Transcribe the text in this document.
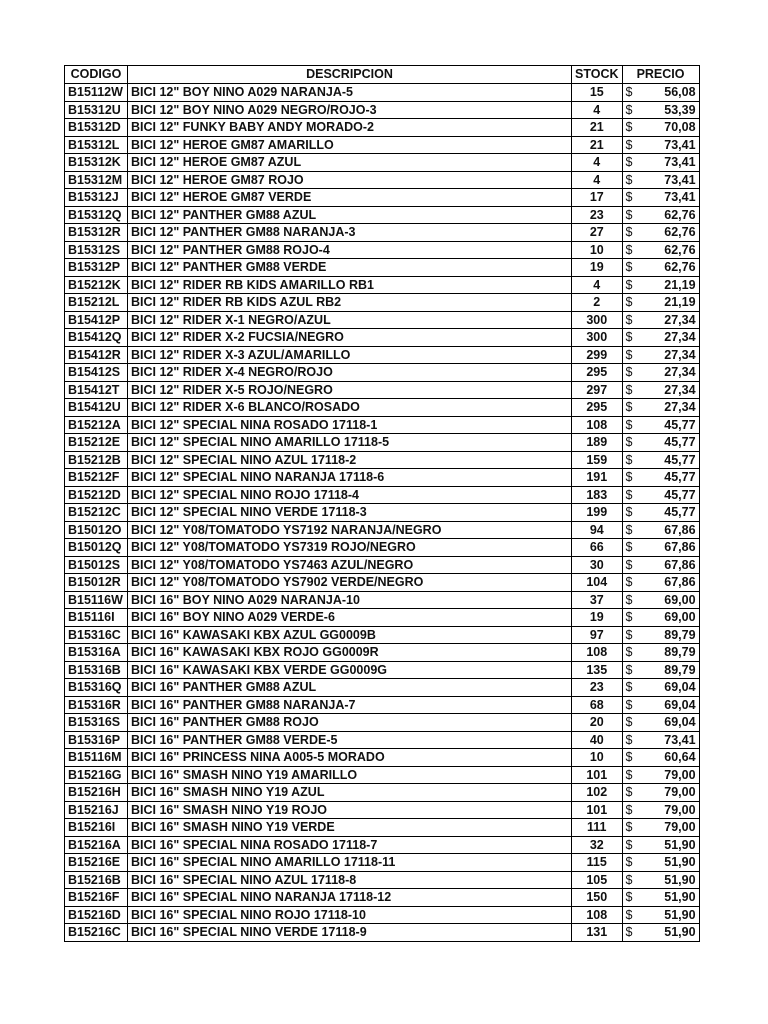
CODIGO	DESCRIPCION	STOCK	PRECIO
B15112W	BICI 12" BOY NINO A029 NARANJA-5	15	$ 56,08

B15312U	BICI 12" BOY NINO A029 NEGRO/ROJO-3	4	$ 53,39

B15312D	BICI 12" FUNKY BABY ANDY MORADO-2	21	$ 70,08

B15312L	BICI 12" HEROE GM87 AMARILLO	21	$ 73,41

B15312K	BICI 12" HEROE GM87 AZUL	4	$ 73,41

B15312M	BICI 12" HEROE GM87 ROJO	4	$ 73,41

B15312J	BICI 12" HEROE GM87 VERDE	17	$ 73,41

B15312Q	BICI 12" PANTHER GM88 AZUL	23	$ 62,76

B15312R	BICI 12" PANTHER GM88 NARANJA-3	27	$ 62,76

B15312S	BICI 12" PANTHER GM88 ROJO-4	10	$ 62,76

B15312P	BICI 12" PANTHER GM88 VERDE	19	$ 62,76

B15212K	BICI 12" RIDER RB KIDS AMARILLO RB1	4	$ 21,19

B15212L	BICI 12" RIDER RB KIDS AZUL RB2	2	$ 21,19

B15412P	BICI 12" RIDER X-1 NEGRO/AZUL	300	$ 27,34

B15412Q	BICI 12" RIDER X-2 FUCSIA/NEGRO	300	$ 27,34

B15412R	BICI 12" RIDER X-3 AZUL/AMARILLO	299	$ 27,34

B15412S	BICI 12" RIDER X-4 NEGRO/ROJO	295	$ 27,34

B15412T	BICI 12" RIDER X-5 ROJO/NEGRO	297	$ 27,34

B15412U	BICI 12" RIDER X-6 BLANCO/ROSADO	295	$ 27,34

B15212A	BICI 12" SPECIAL NINA ROSADO 17118-1	108	$ 45,77

B15212E	BICI 12" SPECIAL NINO AMARILLO 17118-5	189	$ 45,77

B15212B	BICI 12" SPECIAL NINO AZUL 17118-2	159	$ 45,77

B15212F	BICI 12" SPECIAL NINO NARANJA 17118-6	191	$ 45,77

B15212D	BICI 12" SPECIAL NINO ROJO 17118-4	183	$ 45,77

B15212C	BICI 12" SPECIAL NINO VERDE 17118-3	199	$ 45,77

B15012O	BICI 12" Y08/TOMATODO YS7192 NARANJA/NEGRO	94	$ 67,86

B15012Q	BICI 12" Y08/TOMATODO YS7319 ROJO/NEGRO	66	$ 67,86

B15012S	BICI 12" Y08/TOMATODO YS7463 AZUL/NEGRO	30	$ 67,86

B15012R	BICI 12" Y08/TOMATODO YS7902 VERDE/NEGRO	104	$ 67,86

B15116W	BICI 16" BOY NINO A029 NARANJA-10	37	$ 69,00

B15116I	BICI 16" BOY NINO A029 VERDE-6	19	$ 69,00

B15316C	BICI 16" KAWASAKI KBX AZUL GG0009B	97	$ 89,79

B15316A	BICI 16" KAWASAKI KBX ROJO GG0009R	108	$ 89,79

B15316B	BICI 16" KAWASAKI KBX VERDE GG0009G	135	$ 89,79

B15316Q	BICI 16" PANTHER GM88 AZUL	23	$ 69,04

B15316R	BICI 16" PANTHER GM88 NARANJA-7	68	$ 69,04

B15316S	BICI 16" PANTHER GM88 ROJO	20	$ 69,04

B15316P	BICI 16" PANTHER GM88 VERDE-5	40	$ 73,41

B15116M	BICI 16" PRINCESS NINA A005-5 MORADO	10	$ 60,64

B15216G	BICI 16" SMASH NINO Y19 AMARILLO	101	$ 79,00

B15216H	BICI 16" SMASH NINO Y19 AZUL	102	$ 79,00

B15216J	BICI 16" SMASH NINO Y19 ROJO	101	$ 79,00

B15216I	BICI 16" SMASH NINO Y19 VERDE	111	$ 79,00

B15216A	BICI 16" SPECIAL NINA ROSADO 17118-7	32	$ 51,90

B15216E	BICI 16" SPECIAL NINO AMARILLO 17118-11	115	$ 51,90

B15216B	BICI 16" SPECIAL NINO AZUL 17118-8	105	$ 51,90

B15216F	BICI 16" SPECIAL NINO NARANJA 17118-12	150	$ 51,90

B15216D	BICI 16" SPECIAL NINO ROJO 17118-10	108	$ 51,90

B15216C	BICI 16" SPECIAL NINO VERDE 17118-9	131	$ 51,90
